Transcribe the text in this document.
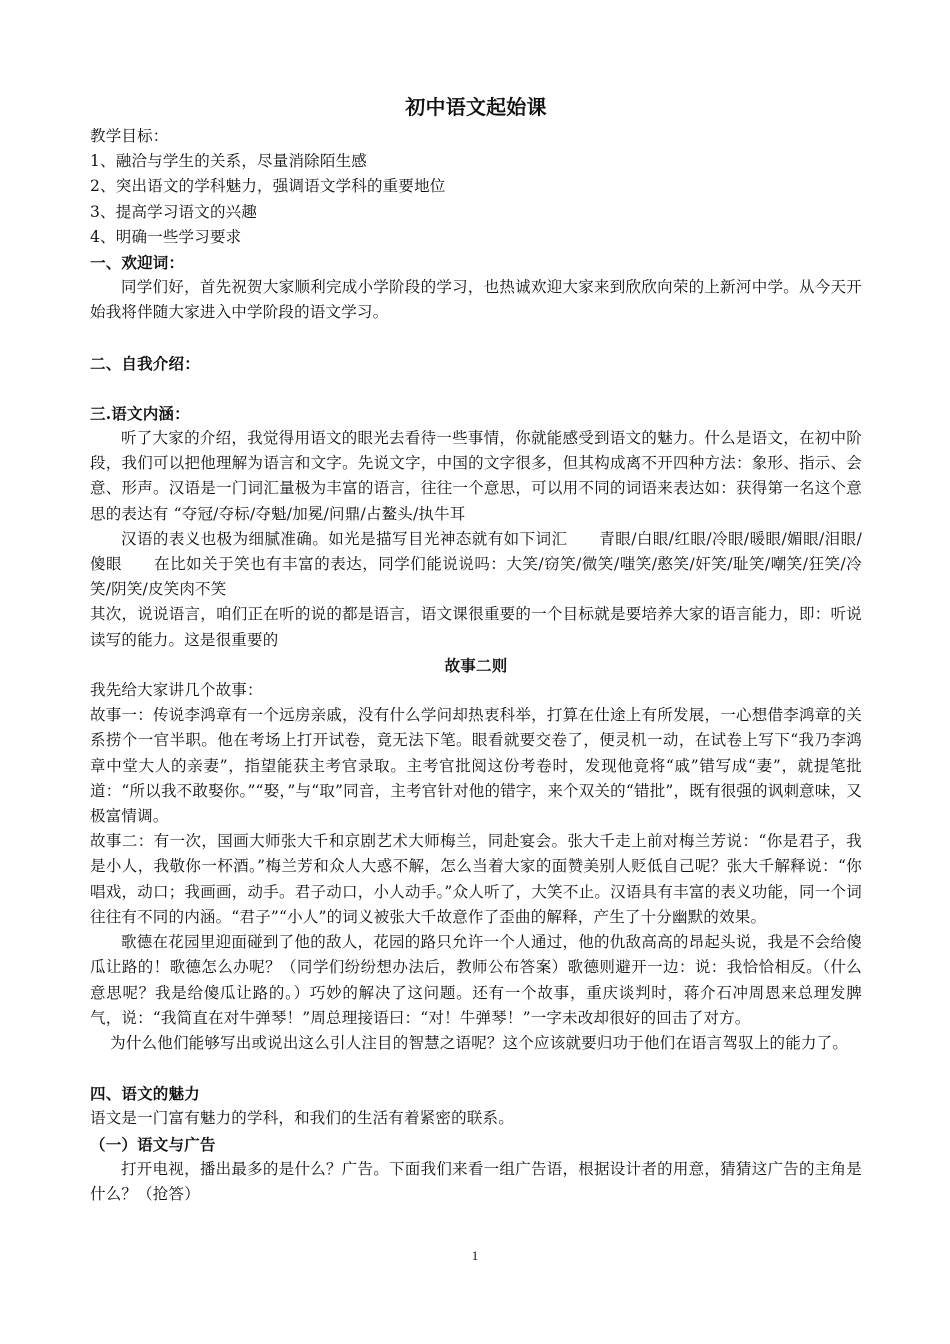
初中语文起始课

教学目标：

1、融洽与学生的关系，尽量消除陌生感

2、突出语文的学科魅力，强调语文学科的重要地位

3、提高学习语文的兴趣

4、明确一些学习要求

一、欢迎词：

同学们好，首先祝贺大家顺利完成小学阶段的学习，也热诚欢迎大家来到欣欣向荣的上新河中学。从今天开始我将伴随大家进入中学阶段的语文学习。

二、自我介绍：

三.语文内涵：

听了大家的介绍，我觉得用语文的眼光去看待一些事情，你就能感受到语文的魅力。什么是语文，在初中阶段，我们可以把他理解为语言和文字。先说文字，中国的文字很多，但其构成离不开四种方法：象形、指示、会意、形声。汉语是一门词汇量极为丰富的语言，往往一个意思，可以用不同的词语来表达如：获得第一名这个意思的表达有 “夺冠/夺标/夺魁/加冕/问鼎/占鳌头/执牛耳

汉语的表义也极为细腻准确。如光是描写目光神态就有如下词汇　　青眼/白眼/红眼/冷眼/暖眼/媚眼/泪眼/傻眼　　在比如关于笑也有丰富的表达，同学们能说说吗：大笑/窃笑/微笑/嗤笑/憨笑/奸笑/耻笑/嘲笑/狂笑/冷笑/阴笑/皮笑肉不笑

其次，说说语言，咱们正在听的说的都是语言，语文课很重要的一个目标就是要培养大家的语言能力，即：听说读写的能力。这是很重要的

故事二则

我先给大家讲几个故事：

故事一：传说李鸿章有一个远房亲戚，没有什么学问却热衷科举，打算在仕途上有所发展，一心想借李鸿章的关系捞个一官半职。他在考场上打开试卷，竟无法下笔。眼看就要交卷了，便灵机一动，在试卷上写下“我乃李鸿章中堂大人的亲妻”，指望能获主考官录取。主考官批阅这份考卷时，发现他竟将“戚”错写成“妻”，就提笔批道：“所以我不敢娶你。”“娶，”与“取”同音，主考官针对他的错字，来个双关的“错批”，既有很强的讽刺意味，又极富情调。

故事二：有一次，国画大师张大千和京剧艺术大师梅兰，同赴宴会。张大千走上前对梅兰芳说：“你是君子，我是小人，我敬你一杯酒。”梅兰芳和众人大惑不解，怎么当着大家的面赞美别人贬低自己呢？张大千解释说：“你唱戏，动口；我画画，动手。君子动口，小人动手。”众人听了，大笑不止。汉语具有丰富的表义功能，同一个词往往有不同的内涵。“君子”“小人”的词义被张大千故意作了歪曲的解释，产生了十分幽默的效果。

歌德在花园里迎面碰到了他的敌人，花园的路只允许一个人通过，他的仇敌高高的昂起头说，我是不会给傻瓜让路的！歌德怎么办呢？（同学们纷纷想办法后，教师公布答案）歌德则避开一边：说：我恰恰相反。（什么意思呢？我是给傻瓜让路的。）巧妙的解决了这问题。还有一个故事，重庆谈判时，蒋介石冲周恩来总理发脾气，说：“我简直在对牛弹琴！”周总理接语曰：“对！牛弹琴！”一字未改却很好的回击了对方。

为什么他们能够写出或说出这么引人注目的智慧之语呢？这个应该就要归功于他们在语言驾驭上的能力了。

四、语文的魅力

语文是一门富有魅力的学科，和我们的生活有着紧密的联系。

（一）语文与广告

打开电视，播出最多的是什么？广告。下面我们来看一组广告语，根据设计者的用意，猜猜这广告的主角是什么？（抢答）

1
